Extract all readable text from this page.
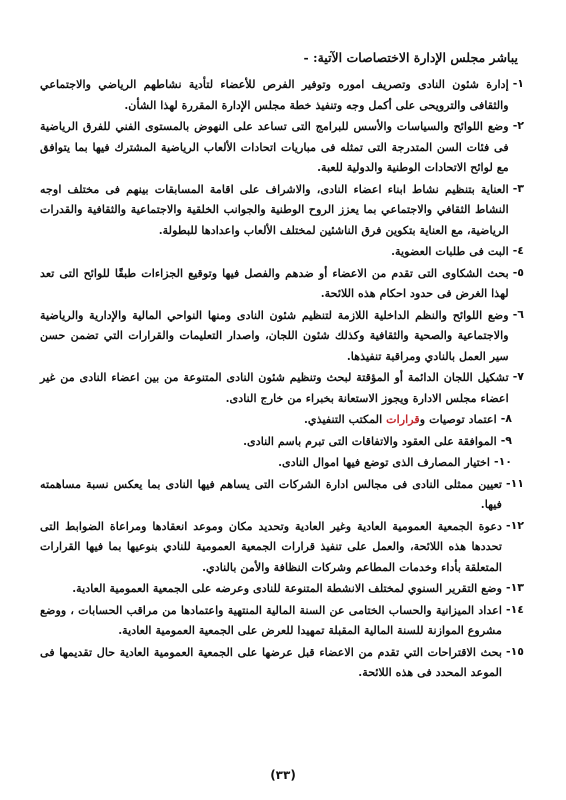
يباشر مجلس الإدارة الاختصاصات الآتية: -
١-
إدارة شئون النادى وتصريف اموره وتوفير الفرص للأعضاء لتأدية نشاطهم الرياضي والاجتماعي والثقافى والترويحى على أكمل وجه وتنفيذ خطة مجلس الإدارة المقررة لهذا الشأن.
٢-
وضع اللوائح والسياسات والأسس للبرامج التى تساعد على النهوض بالمستوى الفني للفرق الرياضية فى فئات السن المتدرجة التى تمثله فى مباريات اتحادات الألعاب الرياضية المشترك فيها بما يتوافق مع لوائح الاتحادات الوطنية والدولية للعبة.
٣-
العناية بتنظيم نشاط ابناء اعضاء النادى، والاشراف على اقامة المسابقات بينهم فى مختلف اوجه النشاط الثقافي والاجتماعي بما يعزز الروح الوطنية والجوانب الخلقية والاجتماعية والثقافية والقدرات الرياضية، مع العناية بتكوين فرق الناشئين لمختلف الألعاب واعدادها للبطولة.
٤-
البت فى طلبات العضوية.
٥-
بحث الشكاوى التى تقدم من الاعضاء أو ضدهم والفصل فيها وتوقيع الجزاءات طبقًا للوائح التى تعد لهذا الغرض فى حدود احكام هذه اللائحة.
٦-
وضع اللوائح والنظم الداخلية اللازمة لتنظيم شئون النادى ومنها النواحي المالية والإدارية والرياضية والاجتماعية والصحية والثقافية وكذلك شئون اللجان، واصدار التعليمات والقرارات التي تضمن حسن سير العمل بالنادي ومراقبة تنفيذها.
٧-
تشكيل اللجان الدائمة أو المؤقتة لبحث وتنظيم شئون النادى المتنوعة من بين اعضاء النادى من غير اعضاء مجلس الادارة ويجوز الاستعانة بخبراء من خارج النادى.
٨-
اعتماد توصيات وقرارات المكتب التنفيذي.
٩-
الموافقة على العقود والاتفاقات التى تبرم باسم النادى.
١٠-
اختيار المصارف الذى توضع فيها اموال النادى.
١١-
تعيين ممثلى النادى فى مجالس ادارة الشركات التى يساهم فيها النادى بما يعكس نسبة مساهمته فيها.
١٢-
دعوة الجمعية العمومية العادية وغير العادية وتحديد مكان وموعد انعقادها ومراعاة الضوابط التى تحددها هذه اللائحة، والعمل على تنفيذ قرارات الجمعية العمومية للنادي بنوعيها بما فيها القرارات المتعلقة بأداء وخدمات المطاعم وشركات النظافة والأمن بالنادي.
١٣-
وضع التقرير السنوي لمختلف الانشطة المتنوعة للنادى وعرضه على الجمعية العمومية العادية.
١٤-
اعداد الميزانية والحساب الختامى عن السنة المالية المنتهية واعتمادها من مراقب الحسابات ، ووضع مشروع الموازنة للسنة المالية المقبلة تمهيدا للعرض على الجمعية العمومية العادية.
١٥-
بحث الاقتراحات التي تقدم من الاعضاء قبل عرضها على الجمعية العمومية العادية حال تقديمها فى الموعد المحدد فى هذه اللائحة.
(٣٣)
